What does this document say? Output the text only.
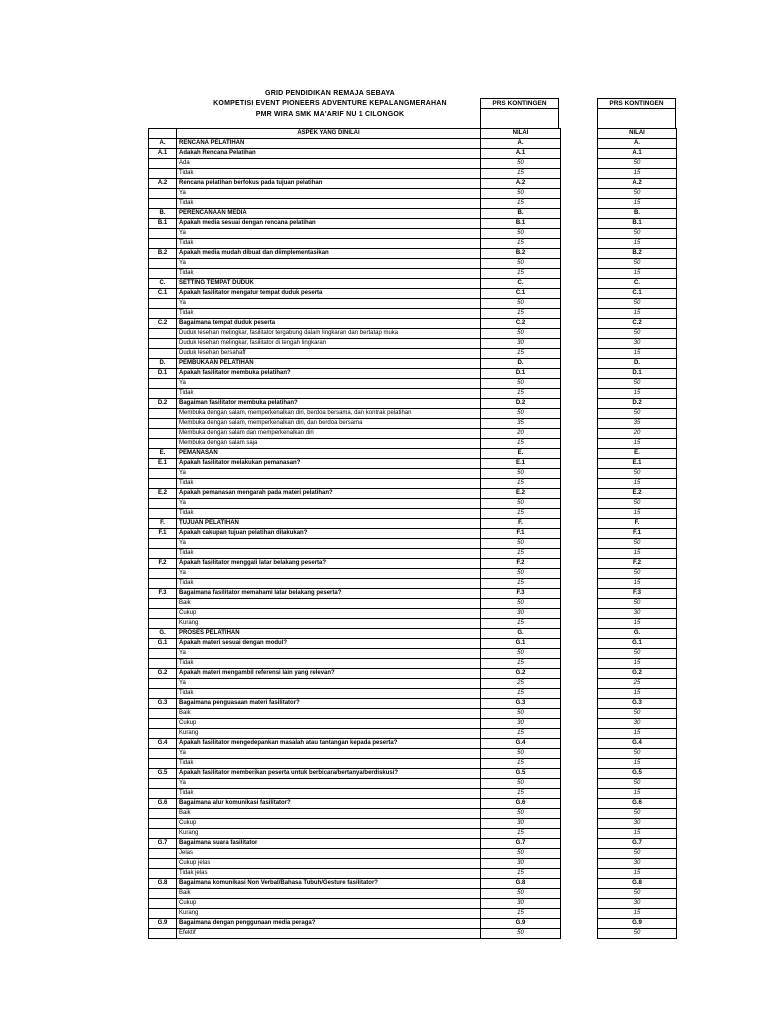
GRID PENDIDIKAN REMAJA SEBAYA
KOMPETISI EVENT PIONEERS ADVENTURE KEPALANGMERAHAN
PMR WIRA SMK MA'ARIF NU 1 CILONGOK
PRS KONTINGEN	PRS KONTINGEN
	ASPEK YANG DINILAI	NILAI
A.	RENCANA PELATIHAN	A.
A.1	Adakah Rencana Pelatihan	A.1
	Ada	50
	Tidak	15
A.2	Rencana pelatihan berfokus pada tujuan pelatihan	A.2
	Ya	50
	Tidak	15
B.	PERENCANAAN MEDIA	B.
B.1	Apakah media sesuai dengan rencana pelatihan	B.1
	Ya	50
	Tidak	15
B.2	Apakah media mudah dibuat dan diimplementasikan	B.2
	Ya	50
	Tidak	15
C.	SETTING TEMPAT DUDUK	C.
C.1	Apakah fasilitator mengatur tempat duduk peserta	C.1
	Ya	50
	Tidak	15
C.2	Bagaimana tempat duduk peserta	C.2
	Duduk lesehan melingkar, fasilitator tergabung dalam lingkaran dan bertatap muka	50
	Duduk lesehan melingkar, fasilitator di tengah lingkaran	30
	Duduk lesehan bersahaff	15
D.	PEMBUKAAN PELATIHAN	D.
D.1	Apakah fasilitator membuka pelatihan?	D.1
	Ya	50
	Tidak	15
D.2	Bagaiman fasilitator membuka pelatihan?	D.2
	Membuka dengan salam, memperkenalkan diri, berdoa bersama, dan kontrak pelatihan	50
	Membuka dengan salam, memperkenalkan diri, dan berdoa bersama	35
	Membuka dengan salam dan memperkenalkan diri	20
	Membuka dengan salam saja	15
E.	PEMANASAN	E.
E.1	Apakah fasilitator melakukan pemanasan?	E.1
	Ya	50
	Tidak	15
E.2	Apakah pemanasan mengarah pada materi pelatihan?	E.2
	Ya	50
	Tidak	15
F.	TUJUAN PELATIHAN	F.
F.1	Apakah cakupan tujuan pelatihan dilakukan?	F.1
	Ya	50
	Tidak	15
F.2	Apakah fasilitator menggali latar belakang peserta?	F.2
	Ya	50
	Tidak	15
F.3	Bagaimana fasilitator memahami latar belakang peserta?	F.3
	Baik	50
	Cukup	30
	Kurang	15
G.	PROSES PELATIHAN	G.
G.1	Apakah materi sesuai dengan modul?	G.1
	Ya	50
	Tidak	15
G.2	Apakah materi mengambil referensi lain yang relevan?	G.2
	Ya	25
	Tidak	15
G.3	Bagaimana penguasaan materi fasilitator?	G.3
	Baik	50
	Cukup	30
	Kurang	15
G.4	Apakah fasilitator mengedepankan masalah atau tantangan kepada peserta?	G.4
	Ya	50
	Tidak	15
G.5	Apakah fasilitator memberikan peserta untuk berbicara/bertanya/berdiskusi?	G.5
	Ya	50
	Tidak	15
G.6	Bagaimana alur komunikasi fasilitator?	G.6
	Baik	50
	Cukup	30
	Kurang	15
G.7	Bagaimana suara fasilitator	G.7
	Jelas	50
	Cukup jelas	30
	Tidak jelas	15
G.8	Bagaimana komunikasi Non Verbal/Bahasa Tubuh/Gesture fasilitator?	G.8
	Baik	50
	Cukup	30
	Kurang	15
G.9	Bagaimana dengan penggunaan media peraga?	G.9
	Efektif	50
NILAI
A.
A.1
50
15
A.2
50
15
B.
B.1
50
15
B.2
50
15
C.
C.1
50
15
C.2
50
30
15
D.
D.1
50
15
D.2
50
35
20
15
E.
E.1
50
15
E.2
50
15
F.
F.1
50
15
F.2
50
15
F.3
50
30
15
G.
G.1
50
15
G.2
25
15
G.3
50
30
15
G.4
50
15
G.5
50
15
G.6
50
30
15
G.7
50
30
15
G.8
50
30
15
G.9
50
